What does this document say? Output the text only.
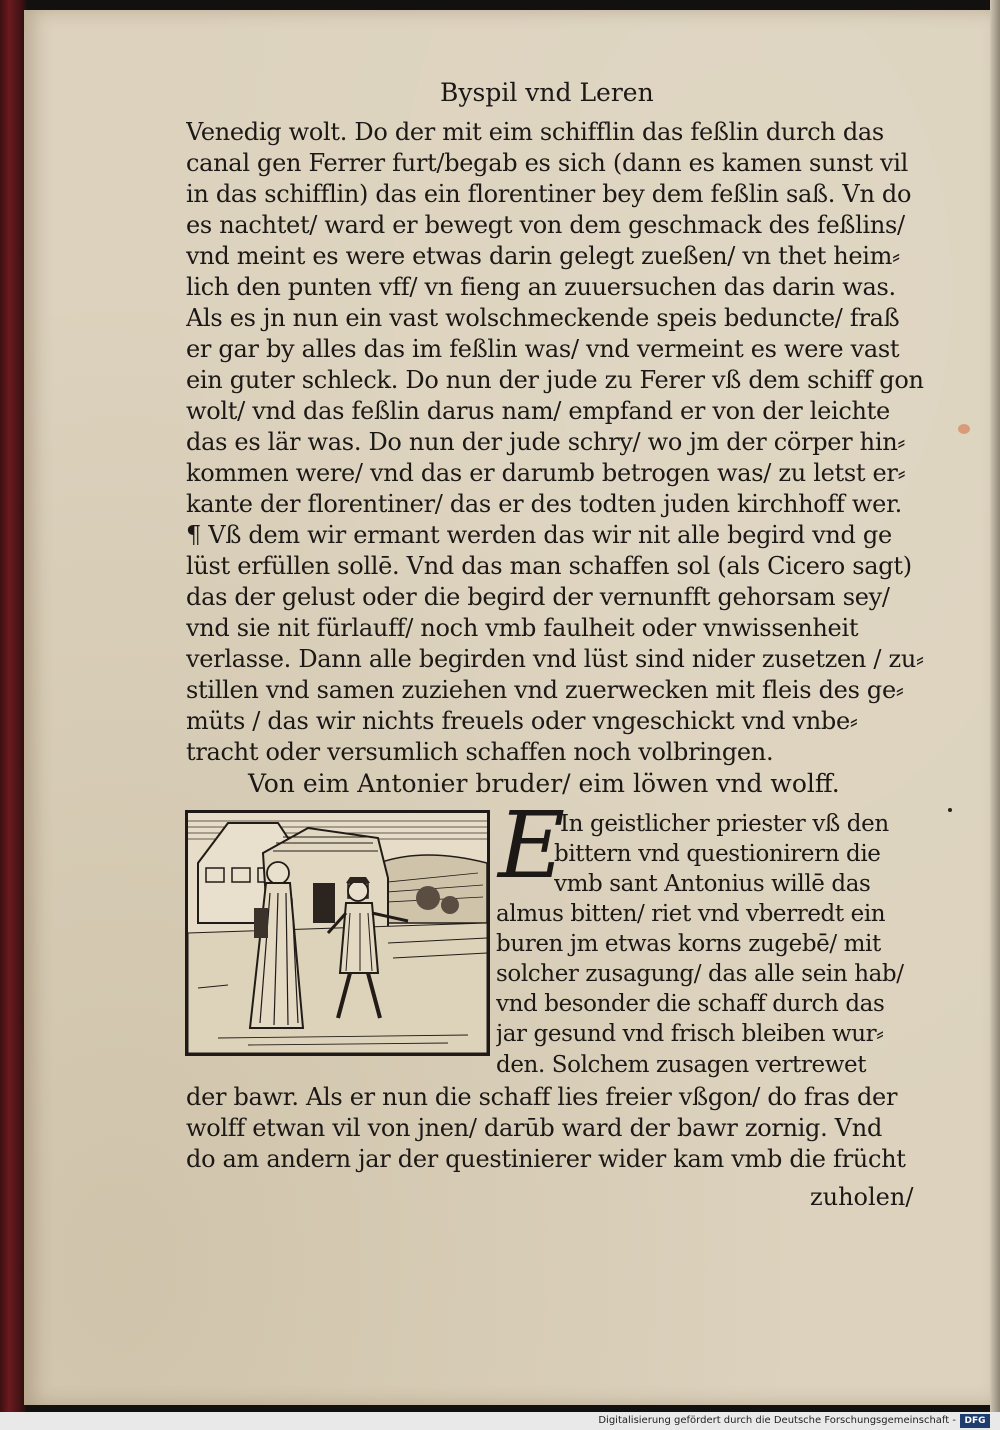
Byspil vnd Leren
Venedig wolt. Do der mit eim schifflin das feßlin durch das
canal gen Ferrer furt/begab es sich (dann es kamen sunst vil
in das schifflin) das ein florentiner bey dem feßlin saß. Vn do
es nachtet/ ward er bewegt von dem geschmack des feßlins/
vnd meint es were etwas darin gelegt zueßen/ vn thet heim⸗
lich den punten vff/ vn fieng an zuuersuchen das darin was.
Als es jn nun ein vast wolschmeckende speis beduncte/ fraß
er gar by alles das im feßlin was/ vnd vermeint es were vast
ein guter schleck. Do nun der jude zu Ferer vß dem schiff gon
wolt/ vnd das feßlin darus nam/ empfand er von der leichte
das es lär was. Do nun der jude schry/ wo jm der cörper hin⸗
kommen were/ vnd das er darumb betrogen was/ zu letst er⸗
kante der florentiner/ das er des todten juden kirchhoff wer.
¶ Vß dem wir ermant werden das wir nit alle begird vnd ge
lüst erfüllen sollē. Vnd das man schaffen sol (als Cicero sagt)
das der gelust oder die begird der vernunfft gehorsam sey/
vnd sie nit fürlauff/ noch vmb faulheit oder vnwissenheit
verlasse. Dann alle begirden vnd lüst sind nider zusetzen / zu⸗
stillen vnd samen zuziehen vnd zuerwecken mit fleis des ge⸗
müts / das wir nichts freuels oder vngeschickt vnd vnbe⸗
tracht oder versumlich schaffen noch volbringen.
Von eim Antonier bruder/ eim löwen vnd wolff.
E
In geistlicher priester vß den
bittern vnd questionirern die
vmb sant Antonius willē das
almus bitten/ riet vnd vberredt ein
buren jm etwas korns zugebē/ mit
solcher zusagung/ das alle sein hab/
vnd besonder die schaff durch das
jar gesund vnd frisch bleiben wur⸗
den. Solchem zusagen vertrewet
der bawr. Als er nun die schaff lies freier vßgon/ do fras der
wolff etwan vil von jnen/ darūb ward der bawr zornig. Vnd
do am andern jar der questinierer wider kam vmb die frücht
zuholen/
Digitalisierung gefördert durch die Deutsche Forschungsgemeinschaft - DFG
